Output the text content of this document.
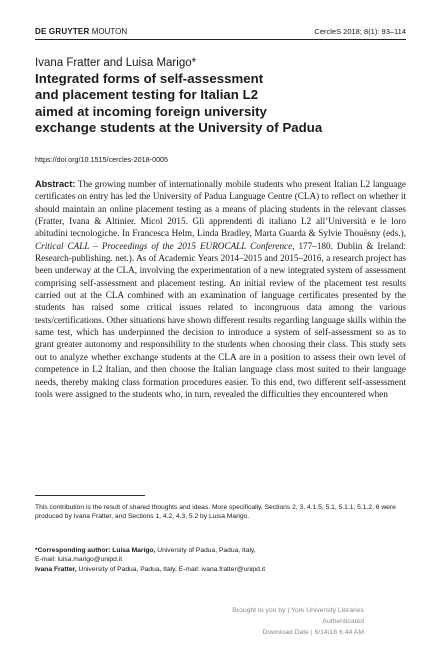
DE GRUYTER MOUTON	CercleS 2018; 8(1): 93–114
Ivana Fratter and Luisa Marigo*
Integrated forms of self-assessment
and placement testing for Italian L2
aimed at incoming foreign university
exchange students at the University of Padua
https://doi.org/10.1515/cercles-2018-0005
Abstract: The growing number of internationally mobile students who present Italian L2 language certificates on entry has led the University of Padua Language Centre (CLA) to reflect on whether it should maintain an online placement testing as a means of placing students in the relevant classes (Fratter, Ivana & Altinier. Micol 2015. Gli apprendenti di italiano L2 all’Università e le loro abitudini tecnologiche. In Francesca Helm, Linda Bradley, Marta Guarda & Sylvie Thouësny (eds.), Critical CALL – Proceedings of the 2015 EUROCALL Conference, 177–180. Dublin & Ireland: Research-publishing. net.). As of Academic Years 2014–2015 and 2015–2016, a research project has been underway at the CLA, involving the experimentation of a new integrated system of assessment comprising self-assessment and placement testing. An initial review of the placement test results carried out at the CLA combined with an examination of language certificates presented by the students has raised some critical issues related to incongruous data among the various tests/certifications. Other situations have shown different results regarding language skills within the same test, which has underpinned the decision to introduce a system of self-assessment so as to grant greater autonomy and responsibility to the students when choosing their class. This study sets out to analyze whether exchange students at the CLA are in a position to assess their own level of competence in L2 Italian, and then choose the Italian language class most suited to their language needs, thereby making class formation procedures easier. To this end, two different self-assessment tools were assigned to the students who, in turn, revealed the difficulties they encountered when
This contribution is the result of shared thoughts and ideas. More specifically, Sections 2, 3, 4.1.5, 5.1, 5.1.1, 5.1.2, 6 were produced by Ivana Fratter, and Sections 1, 4.2, 4.3, 5.2 by Luisa Marigo.
*Corresponding author: Luisa Marigo, University of Padua, Padua, Italy,
E-mail: luisa.marigo@unipd.it
Ivana Fratter, University of Padua, Padua, Italy, E-mail: ivana.fratter@unipd.it
Brought to you by | York University Libraries
Authenticated
Download Date | 6/14/18 6:44 AM
